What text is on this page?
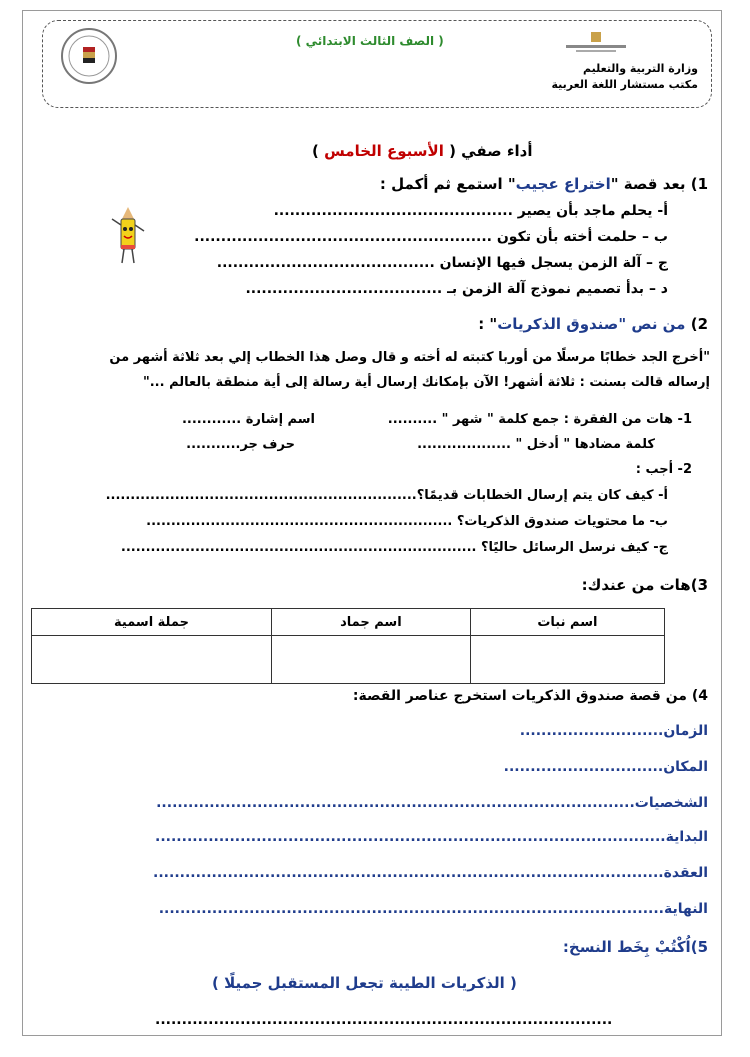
وزارة التربية والتعليم
مكتب مستشار اللغة العربية
( الصف الثالث الابتدائي )
أداء صفي ( الأسبوع الخامس )
1) بعد قصة "اختراع عجيب" استمع ثم أكمل :
أ- يحلم ماجد بأن يصير .............................................
ب – حلمت أخته بأن تكون ........................................................
ج – آلة الزمن يسجل فيها الإنسان .........................................
د – بدأ تصميم نموذج آلة الزمن بـ .....................................
2) من نص "صندوق الذكريات" :
"أخرج الجد خطابًا مرسلًا من أوربا كتبته له أخته و قال وصل هذا الخطاب إلي بعد ثلاثة أشهر من
إرساله قالت بسنت : ثلاثة أشهر! الآن بإمكانك إرسال أية رسالة إلى أية منطقة بالعالم ..."
1- هات من الفقرة : جمع كلمة " شهر " ..........
اسم إشارة ............
كلمة مضادها " أدخل " ...................
حرف جر...........
2- أجب :
أ- كيف كان يتم إرسال الخطابات قديمًا؟...............................................................
ب- ما محتويات صندوق الذكريات؟ ..............................................................
ج- كيف نرسل الرسائل حاليًا؟ ........................................................................
3)هات من عندك:
اسم نبات	اسم جماد	جملة اسمية

4) من قصة صندوق الذكريات استخرج عناصر القصة:
الزمان...........................
المكان..............................
الشخصيات..........................................................................................
البداية................................................................................................
العقدة................................................................................................
النهاية...............................................................................................
5)اُكْتُبْ بِخَط النسخ:
( الذكريات الطيبة تجعل المستقبل جميلًا )
......................................................................................
